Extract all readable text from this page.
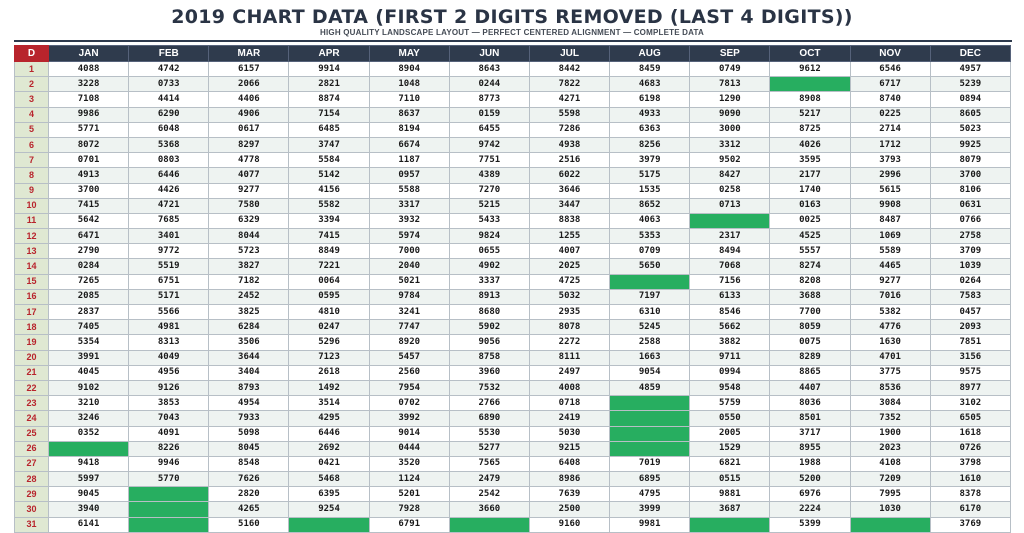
2019 CHART DATA (FIRST 2 DIGITS REMOVED (LAST 4 DIGITS))
HIGH QUALITY LANDSCAPE LAYOUT — PERFECT CENTERED ALIGNMENT — COMPLETE DATA
D	JAN	FEB	MAR	APR	MAY	JUN	JUL	AUG	SEP	OCT	NOV	DEC
1	4088	4742	6157	9914	8904	8643	8442	8459	0749	9612	6546	4957
2	3228	0733	2066	2821	1048	0244	7822	4683	7813		6717	5239
3	7108	4414	4406	8874	7110	8773	4271	6198	1290	8908	8740	0894
4	9986	6290	4906	7154	8637	0159	5598	4933	9090	5217	0225	8605
5	5771	6048	0617	6485	8194	6455	7286	6363	3000	8725	2714	5023
6	8072	5368	8297	3747	6674	9742	4938	8256	3312	4026	1712	9925
7	0701	0803	4778	5584	1187	7751	2516	3979	9502	3595	3793	8079
8	4913	6446	4077	5142	0957	4389	6022	5175	8427	2177	2996	3700
9	3700	4426	9277	4156	5588	7270	3646	1535	0258	1740	5615	8106
10	7415	4721	7580	5582	3317	5215	3447	8652	0713	0163	9908	0631
11	5642	7685	6329	3394	3932	5433	8838	4063		0025	8487	0766
12	6471	3401	8044	7415	5974	9824	1255	5353	2317	4525	1069	2758
13	2790	9772	5723	8849	7000	0655	4007	0709	8494	5557	5589	3709
14	0284	5519	3827	7221	2040	4902	2025	5650	7068	8274	4465	1039
15	7265	6751	7182	0064	5021	3337	4725		7156	8208	9277	0264
16	2085	5171	2452	0595	9784	8913	5032	7197	6133	3688	7016	7583
17	2837	5566	3825	4810	3241	8680	2935	6310	8546	7700	5382	0457
18	7405	4981	6284	0247	7747	5902	8078	5245	5662	8059	4776	2093
19	5354	8313	3506	5296	8920	9056	2272	2588	3882	0075	1630	7851
20	3991	4049	3644	7123	5457	8758	8111	1663	9711	8289	4701	3156
21	4045	4956	3404	2618	2560	3960	2497	9054	0994	8865	3775	9575
22	9102	9126	8793	1492	7954	7532	4008	4859	9548	4407	8536	8977
23	3210	3853	4954	3514	0702	2766	0718		5759	8036	3084	3102
24	3246	7043	7933	4295	3992	6890	2419		0550	8501	7352	6505
25	0352	4091	5098	6446	9014	5530	5030		2005	3717	1900	1618
26		8226	8045	2692	0444	5277	9215		1529	8955	2023	0726
27	9418	9946	8548	0421	3520	7565	6408	7019	6821	1988	4108	3798
28	5997	5770	7626	5468	1124	2479	8986	6895	0515	5200	7209	1610
29	9045		2820	6395	5201	2542	7639	4795	9881	6976	7995	8378
30	3940		4265	9254	7928	3660	2500	3999	3687	2224	1030	6170
31	6141		5160		6791		9160	9981		5399		3769
